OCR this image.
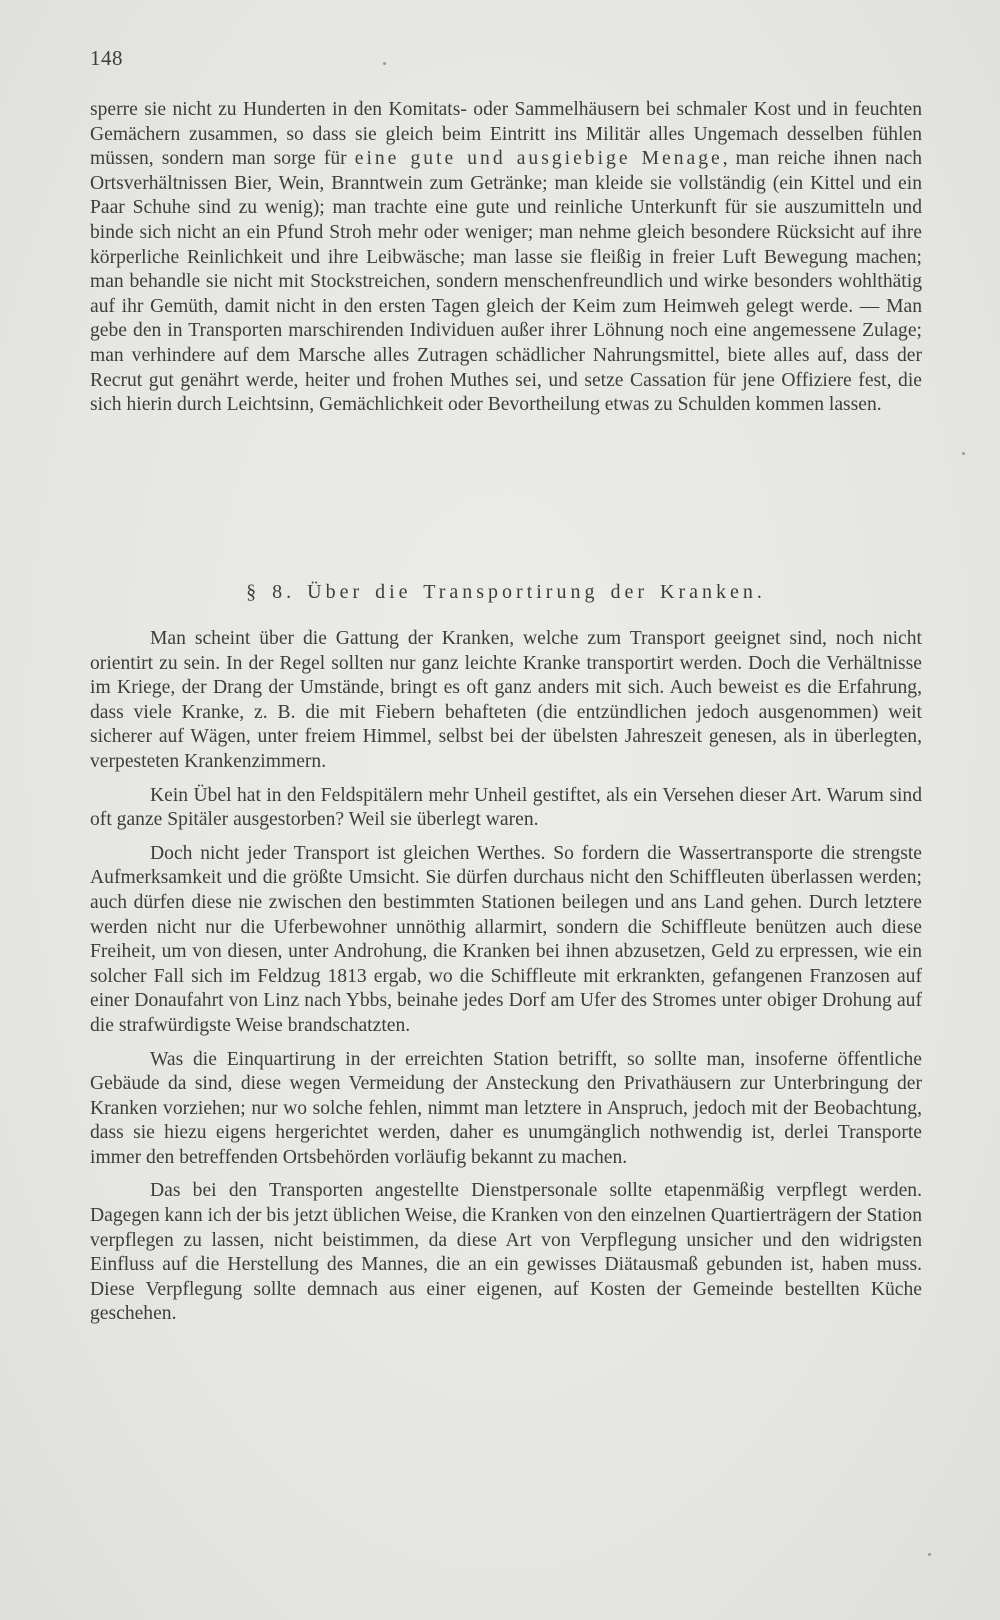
148

sperre sie nicht zu Hunderten in den Komitats- oder Sammelhäusern bei schmaler Kost und in feuchten Gemächern zusammen, so dass sie gleich beim Eintritt ins Militär alles Ungemach desselben fühlen müssen, sondern man sorge für eine gute und ausgiebige Menage, man reiche ihnen nach Ortsverhältnissen Bier, Wein, Branntwein zum Getränke; man kleide sie vollständig (ein Kittel und ein Paar Schuhe sind zu wenig); man trachte eine gute und reinliche Unterkunft für sie auszumitteln und binde sich nicht an ein Pfund Stroh mehr oder weniger; man nehme gleich besondere Rücksicht auf ihre körperliche Reinlichkeit und ihre Leibwäsche; man lasse sie fleißig in freier Luft Bewegung machen; man behandle sie nicht mit Stockstreichen, sondern menschenfreundlich und wirke besonders wohlthätig auf ihr Gemüth, damit nicht in den ersten Tagen gleich der Keim zum Heimweh gelegt werde. — Man gebe den in Transporten marschirenden Individuen außer ihrer Löhnung noch eine angemessene Zulage; man verhindere auf dem Marsche alles Zutragen schädlicher Nahrungsmittel, biete alles auf, dass der Recrut gut genährt werde, heiter und frohen Muthes sei, und setze Cassation für jene Offiziere fest, die sich hierin durch Leichtsinn, Gemächlichkeit oder Bevortheilung etwas zu Schulden kommen lassen.

§ 8. Über die Transportirung der Kranken.

Man scheint über die Gattung der Kranken, welche zum Transport geeignet sind, noch nicht orientirt zu sein. In der Regel sollten nur ganz leichte Kranke transportirt werden. Doch die Verhältnisse im Kriege, der Drang der Umstände, bringt es oft ganz anders mit sich. Auch beweist es die Erfahrung, dass viele Kranke, z. B. die mit Fiebern behafteten (die entzündlichen jedoch ausgenommen) weit sicherer auf Wägen, unter freiem Himmel, selbst bei der übelsten Jahreszeit genesen, als in überlegten, verpesteten Krankenzimmern.

Kein Übel hat in den Feldspitälern mehr Unheil gestiftet, als ein Versehen dieser Art. Warum sind oft ganze Spitäler ausgestorben? Weil sie überlegt waren.

Doch nicht jeder Transport ist gleichen Werthes. So fordern die Wassertransporte die strengste Aufmerksamkeit und die größte Umsicht. Sie dürfen durchaus nicht den Schiffleuten überlassen werden; auch dürfen diese nie zwischen den bestimmten Stationen beilegen und ans Land gehen. Durch letztere werden nicht nur die Uferbewohner unnöthig allarmirt, sondern die Schiffleute benützen auch diese Freiheit, um von diesen, unter Androhung, die Kranken bei ihnen abzusetzen, Geld zu erpressen, wie ein solcher Fall sich im Feldzug 1813 ergab, wo die Schiffleute mit erkrankten, gefangenen Franzosen auf einer Donaufahrt von Linz nach Ybbs, beinahe jedes Dorf am Ufer des Stromes unter obiger Drohung auf die strafwürdigste Weise brandschatzten.

Was die Einquartirung in der erreichten Station betrifft, so sollte man, insoferne öffentliche Gebäude da sind, diese wegen Vermeidung der Ansteckung den Privathäusern zur Unterbringung der Kranken vorziehen; nur wo solche fehlen, nimmt man letztere in Anspruch, jedoch mit der Beobachtung, dass sie hiezu eigens hergerichtet werden, daher es unumgänglich nothwendig ist, derlei Transporte immer den betreffenden Ortsbehörden vorläufig bekannt zu machen.

Das bei den Transporten angestellte Dienstpersonale sollte etapenmäßig verpflegt werden. Dagegen kann ich der bis jetzt üblichen Weise, die Kranken von den einzelnen Quartierträgern der Station verpflegen zu lassen, nicht beistimmen, da diese Art von Verpflegung unsicher und den widrigsten Einfluss auf die Herstellung des Mannes, die an ein gewisses Diätausmaß gebunden ist, haben muss. Diese Verpflegung sollte demnach aus einer eigenen, auf Kosten der Gemeinde bestellten Küche geschehen.
